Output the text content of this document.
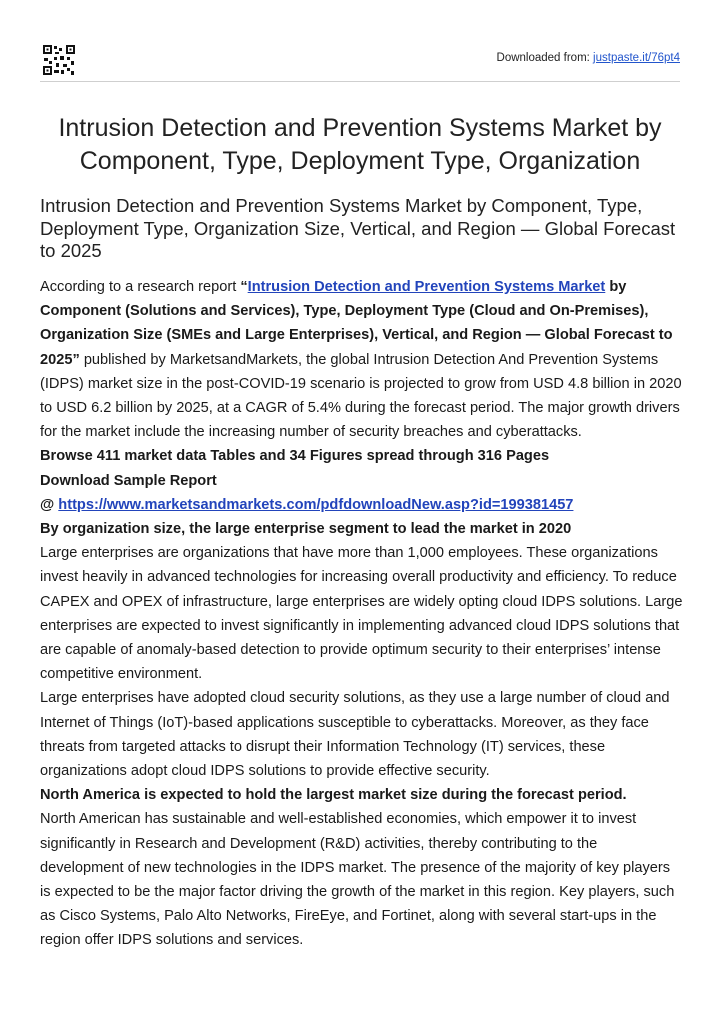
Downloaded from: justpaste.it/76pt4
Intrusion Detection and Prevention Systems Market by Component, Type, Deployment Type, Organization
Intrusion Detection and Prevention Systems Market by Component, Type, Deployment Type, Organization Size, Vertical, and Region — Global Forecast to 2025

According to a research report “Intrusion Detection and Prevention Systems Market by Component (Solutions and Services), Type, Deployment Type (Cloud and On-Premises), Organization Size (SMEs and Large Enterprises), Vertical, and Region — Global Forecast to 2025” published by MarketsandMarkets, the global Intrusion Detection And Prevention Systems (IDPS) market size in the post-COVID-19 scenario is projected to grow from USD 4.8 billion in 2020 to USD 6.2 billion by 2025, at a CAGR of 5.4% during the forecast period. The major growth drivers for the market include the increasing number of security breaches and cyberattacks.

Browse 411 market data Tables and 34 Figures spread through 316 Pages

Download Sample Report

@ https://www.marketsandmarkets.com/pdfdownloadNew.asp?id=199381457

By organization size, the large enterprise segment to lead the market in 2020

Large enterprises are organizations that have more than 1,000 employees. These organizations invest heavily in advanced technologies for increasing overall productivity and efficiency. To reduce CAPEX and OPEX of infrastructure, large enterprises are widely opting cloud IDPS solutions. Large enterprises are expected to invest significantly in implementing advanced cloud IDPS solutions that are capable of anomaly-based detection to provide optimum security to their enterprises’ intense competitive environment.

Large enterprises have adopted cloud security solutions, as they use a large number of cloud and Internet of Things (IoT)-based applications susceptible to cyberattacks. Moreover, as they face threats from targeted attacks to disrupt their Information Technology (IT) services, these organizations adopt cloud IDPS solutions to provide effective security.

North America is expected to hold the largest market size during the forecast period.

North American has sustainable and well-established economies, which empower it to invest significantly in Research and Development (R&D) activities, thereby contributing to the development of new technologies in the IDPS market. The presence of the majority of key players is expected to be the major factor driving the growth of the market in this region. Key players, such as Cisco Systems, Palo Alto Networks, FireEye, and Fortinet, along with several start-ups in the region offer IDPS solutions and services.
